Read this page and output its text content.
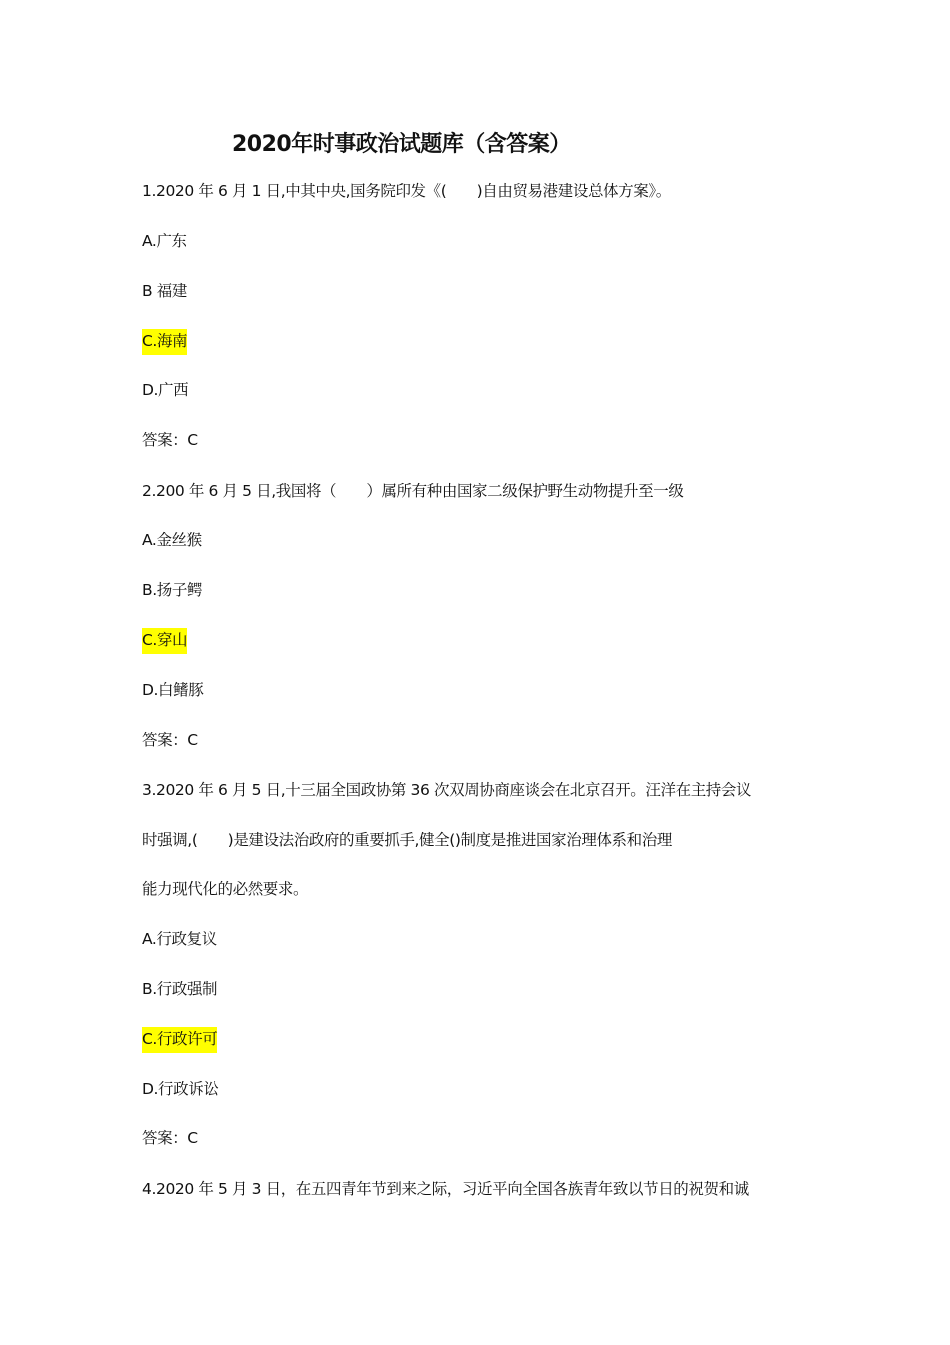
2020年时事政治试题库（含答案）
1.2020 年 6 月 1 日,中其中央,国务院印发《(　　)自由贸易港建设总体方案》。
A.广东
B 福建
C.海南
D.广西
答案：C
2.200 年 6 月 5 日,我国将（　　）属所有种由国家二级保护野生动物提升至一级
A.金丝猴
B.扬子鳄
C.穿山
D.白鳍豚
答案：C
3.2020 年 6 月 5 日,十三届全国政协第 36 次双周协商座谈会在北京召开。汪洋在主持会议
时强调,(　　)是建设法治政府的重要抓手,健全()制度是推进国家治理体系和治理
能力现代化的必然要求。
A.行政复议
B.行政强制
C.行政许可
D.行政诉讼
答案：C
4.2020 年 5 月 3 日，在五四青年节到来之际，习近平向全国各族青年致以节日的祝贺和诚
